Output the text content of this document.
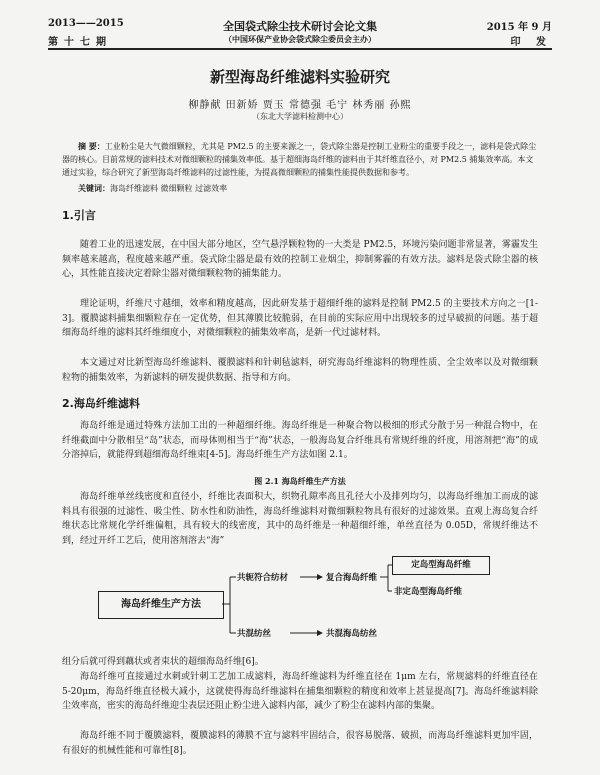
2013——2015
第十七期
全国袋式除尘技术研讨会论文集
（中国环保产业协会袋式除尘委员会主办）
2015 年 9 月
印 发
新型海岛纤维滤料实验研究
柳静献 田新娇 贾玉 常德强 毛宁 林秀丽 孙熙
（东北大学滤料检测中心）

摘 要：工业粉尘是大气微细颗粒，尤其是 PM2.5 的主要来源之一，袋式除尘器是控制工业粉尘的重要手段之一，滤料是袋式除尘器的核心。目前常规的滤料技术对微细颗粒的捕集效率低。基于超细海岛纤维的滤料由于其纤维直径小，对 PM2.5 捕集效率高。本文通过实验，综合研究了新型海岛纤维滤料的过滤性能，为提高微细颗粒的捕集性能提供数据和参考。

关键词：海岛纤维滤料 微细颗粒 过滤效率

1.引言

随着工业的迅速发展，在中国大部分地区，空气悬浮颗粒物的一大类是 PM2.5，环境污染问题非常显著，雾霾发生频率越来越高，程度越来越严重。袋式除尘器是最有效的控制工业烟尘，抑制雾霾的有效方法。滤料是袋式除尘器的核心，其性能直接决定着除尘器对微细颗粒物的捕集能力。

理论证明，纤维尺寸越细，效率和精度越高，因此研发基于超细纤维的滤料是控制 PM2.5 的主要技术方向之一[1-3]。覆膜滤料捕集细颗粒存在一定优势，但其薄膜比较脆弱，在目前的实际应用中出现较多的过早破损的问题。基于超细海岛纤维的滤料其纤维细度小，对微细颗粒的捕集效率高，是新一代过滤材料。

本文通过对比新型海岛纤维滤料、覆膜滤料和针刺毡滤料，研究海岛纤维滤料的物理性质、全尘效率以及对微细颗粒物的捕集效率，为新滤料的研发提供数据、指导和方向。

2.海岛纤维滤料

海岛纤维是通过特殊方法加工出的一种超细纤维。海岛纤维是一种聚合物以极细的形式分散于另一种混合物中，在纤维截面中分散相呈“岛”状态，而母体则相当于“海”状态，一般海岛复合纤维具有常规纤维的纤度，用溶剂把“海”的成分溶掉后，就能得到超细海岛纤维束[4-5]。海岛纤维生产方法如图 2.1。

图 2.1 海岛纤维生产方法

海岛纤维单丝线密度和直径小，纤维比表面积大，织物孔隙率高且孔径大小及排列均匀，以海岛纤维加工而成的滤料具有很强的过滤性、吸尘性、防水性和防油性，海岛纤维滤料对微细颗粒物具有很好的过滤效果。直观上海岛复合纤维状态比常规化学纤维偏粗，具有较大的线密度，其中的岛纤维是一种超细纤维，单丝直径为 0.05D，常规纤维达不到，经过开纤工艺后，使用溶剂溶去“海”

海岛纤维生产方法
共轭符合纺材	复合海岛纤维
定岛型海岛纤维
非定岛型海岛纤维
共混纺丝	共混海岛纺丝

组分后就可得到藕状或者束状的超细海岛纤维[6]。

海岛纤维可直接通过水刺或针刺工艺加工成滤料，海岛纤维滤料为纤维直径在 1μm 左右，常规滤料的纤维直径在 5-20μm，海岛纤维直径极大减小，这就使得海岛纤维滤料在捕集细颗粒的精度和效率上甚显提高[7]。海岛纤维滤料除尘效率高，密实的海岛纤维迎尘表层还阻止粉尘进入滤料内部，减少了粉尘在滤料内部的集聚。

海岛纤维不同于覆膜滤料，覆膜滤料的薄膜不宜与滤料牢固结合，很容易脱落、破损，而海岛纤维滤料更加牢固，有很好的机械性能和可靠性[8]。
